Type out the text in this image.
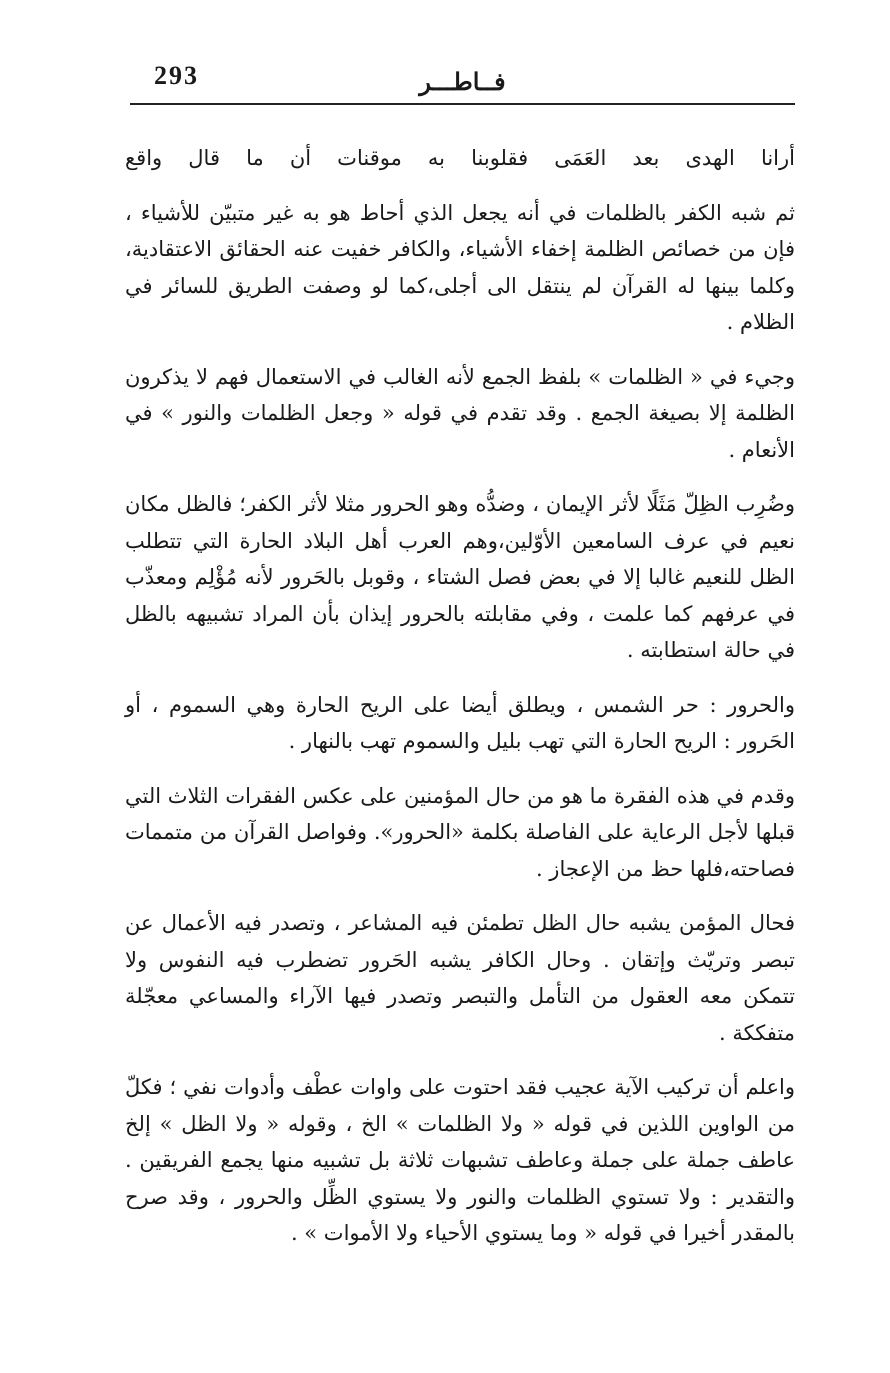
293	فــاطـــر

أرانا الهدى بعد العَمَى فقلوبنا به موقنات أن ما قال واقع

ثم شبه الكفر بالظلمات في أنه يجعل الذي أحاط هو به غير متبيّن للأشياء ، فإن من خصائص الظلمة إخفاء الأشياء، والكافر خفيت عنه الحقائق الاعتقادية، وكلما بينها له القرآن لم ينتقل الى أجلى،كما لو وصفت الطريق للسائر في الظلام .

وجيء في « الظلمات » بلفظ الجمع لأنه الغالب في الاستعمال فهم لا يذكرون الظلمة إلا بصيغة الجمع . وقد تقدم في قوله « وجعل الظلمات والنور » في الأنعام .

وضُرِب الظِلّ مَثَلًا لأثر الإيمان ، وضدُّه وهو الحرور مثلا لأثر الكفر؛ فالظل مكان نعيم في عرف السامعين الأوّلين،وهم العرب أهل البلاد الحارة التي تتطلب الظل للنعيم غالبا إلا في بعض فصل الشتاء ، وقوبل بالحَرور لأنه مُؤْلِم ومعذّب في عرفهم كما علمت ، وفي مقابلته بالحرور إيذان بأن المراد تشبيهه بالظل في حالة استطابته .

والحرور : حر الشمس ، ويطلق أيضا على الريح الحارة وهي السموم ، أو الحَرور : الريح الحارة التي تهب بليل والسموم تهب بالنهار .

وقدم في هذه الفقرة ما هو من حال المؤمنين على عكس الفقرات الثلاث التي قبلها لأجل الرعاية على الفاصلة بكلمة «الحرور». وفواصل القرآن من متممات فصاحته،فلها حظ من الإعجاز .

فحال المؤمن يشبه حال الظل تطمئن فيه المشاعر ، وتصدر فيه الأعمال عن تبصر وتريّث وإتقان . وحال الكافر يشبه الحَرور تضطرب فيه النفوس ولا تتمكن معه العقول من التأمل والتبصر وتصدر فيها الآراء والمساعي معجّلة متفككة .

واعلم أن تركيب الآية عجيب فقد احتوت على واوات عطْف وأدوات نفي ؛ فكلّ من الواوين اللذين في قوله « ولا الظلمات » الخ ، وقوله « ولا الظل » إلخ عاطف جملة على جملة وعاطف تشبهات ثلاثة بل تشبيه منها يجمع الفريقين . والتقدير : ولا تستوي الظلمات والنور ولا يستوي الظِّل والحرور ، وقد صرح بالمقدر أخيرا في قوله « وما يستوي الأحياء ولا الأموات » .
